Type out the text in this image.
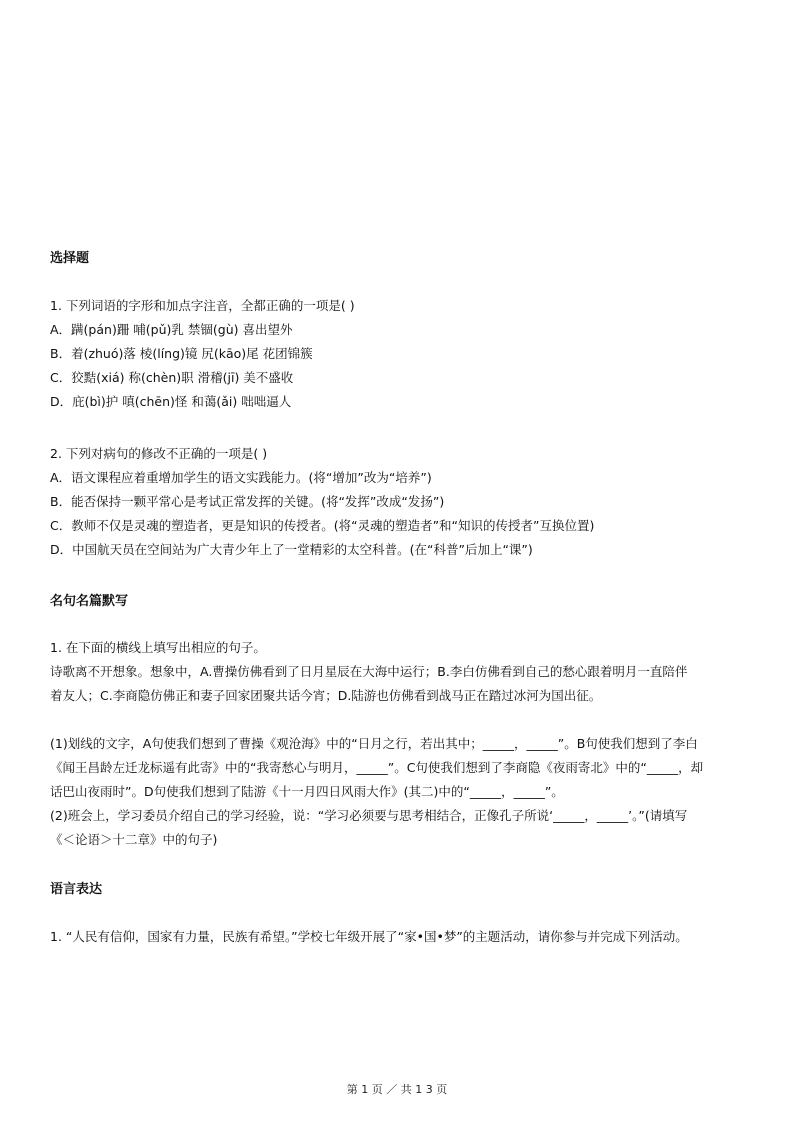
选择题
1. 下列词语的字形和加点字注音，全都正确的一项是( )
A．蹒(pán)跚 哺(pǔ)乳 禁锢(gù) 喜出望外
B．着(zhuó)落 棱(líng)镜 尻(kāo)尾 花团锦簇
C．狡黠(xiá) 称(chèn)职 滑稽(jī) 美不盛收
D．庇(bì)护 嗔(chēn)怪 和蔼(ǎi) 咄咄逼人
2. 下列对病句的修改不正确的一项是( )
A．语文课程应着重增加学生的语文实践能力。(将“增加”改为“培养”)
B．能否保持一颗平常心是考试正常发挥的关键。(将“发挥”改成“发扬”)
C．教师不仅是灵魂的塑造者，更是知识的传授者。(将“灵魂的塑造者”和“知识的传授者”互换位置)
D．中国航天员在空间站为广大青少年上了一堂精彩的太空科普。(在“科普”后加上“课”)
名句名篇默写
1. 在下面的横线上填写出相应的句子。
诗歌离不开想象。想象中，A.曹操仿佛看到了日月星辰在大海中运行；B.李白仿佛看到自己的愁心跟着明月一直陪伴
着友人；C.李商隐仿佛正和妻子回家团聚共话今宵；D.陆游也仿佛看到战马正在踏过冰河为国出征。
(1)划线的文字，A句使我们想到了曹操《观沧海》中的“日月之行，若出其中；_____，_____”。B句使我们想到了李白
《闻王昌龄左迁龙标遥有此寄》中的“我寄愁心与明月，_____”。C句使我们想到了李商隐《夜雨寄北》中的“_____，却
话巴山夜雨时”。D句使我们想到了陆游《十一月四日风雨大作》(其二)中的“_____，_____”。
(2)班会上，学习委员介绍自己的学习经验，说：“学习必须要与思考相结合，正像孔子所说‘_____，_____’。”(请填写
《＜论语＞十二章》中的句子)
语言表达
1. “人民有信仰，国家有力量，民族有希望。”学校七年级开展了“家•国•梦”的主题活动，请你参与并完成下列活动。
第 1 页 ／ 共 1 3 页
